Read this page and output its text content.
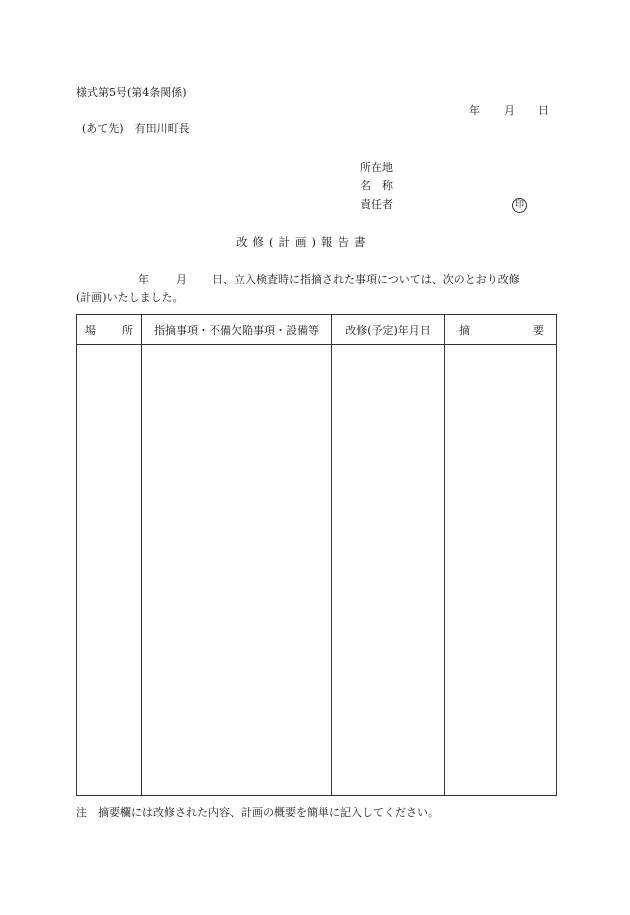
様式第5号(第4条関係)
年 月 日
(あて先)　有田川町長
所在地
名　称
責任者	印
改修(計画)報告書
年 月 日、立入検査時に指摘された事項については、次のとおり改修
(計画)いたしました。
場 所	指摘事項・不備欠陥事項・設備等	改修(予定)年月日	摘 要

注　摘要欄には改修された内容、計画の概要を簡単に記入してください。
